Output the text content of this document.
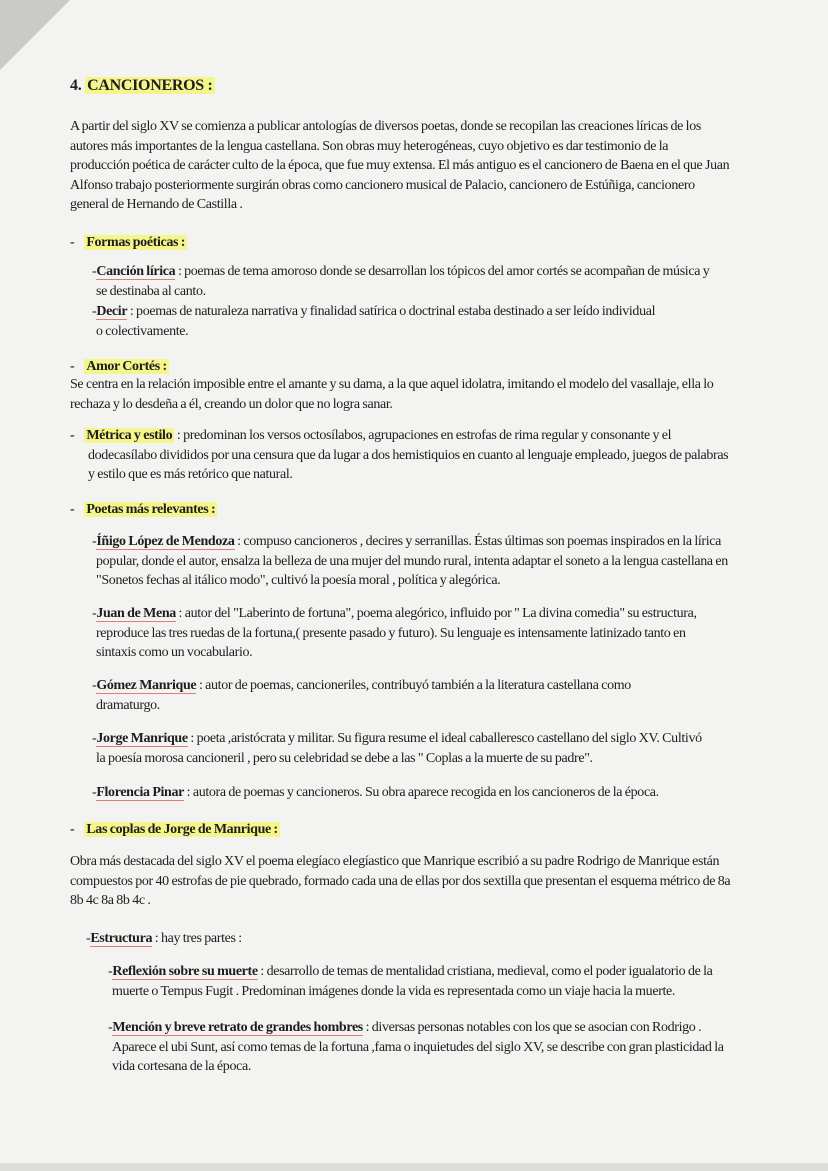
4. CANCIONEROS :
A partir del siglo XV se comienza a publicar antologías de diversos poetas, donde se recopilan las creaciones líricas de los autores más importantes de la lengua castellana. Son obras muy heterogéneas, cuyo objetivo es dar testimonio de la producción poética de carácter culto de la época, que fue muy extensa. El más antiguo es el cancionero de Baena en el que Juan Alfonso trabajo posteriormente surgirán obras como cancionero musical de Palacio, cancionero de Estúñiga, cancionero general de Hernando de Castilla .
- Formas poéticas :
-Canción lírica : poemas de tema amoroso donde se desarrollan los tópicos del amor cortés se acompañan de música y se destinaba al canto.
-Decir : poemas de naturaleza narrativa y finalidad satírica o doctrinal estaba destinado a ser leído individual o colectivamente.
- Amor Cortés :
Se centra en la relación imposible entre el amante y su dama, a la que aquel idolatra, imitando el modelo del vasallaje, ella lo rechaza y lo desdeña a él, creando un dolor que no logra sanar.
- Métrica y estilo : predominan los versos octosílabos, agrupaciones en estrofas de rima regular y consonante y el dodecasílabo divididos por una censura que da lugar a dos hemistiquios en cuanto al lenguaje empleado, juegos de palabras y estilo que es más retórico que natural.
- Poetas más relevantes :
-Íñigo López de Mendoza : compuso cancioneros , decires y serranillas. Éstas últimas son poemas inspirados en la lírica popular, donde el autor, ensalza la belleza de una mujer del mundo rural, intenta adaptar el soneto a la lengua castellana en "Sonetos fechas al itálico modo", cultivó la poesía moral , política y alegórica.
-Juan de Mena : autor del "Laberinto de fortuna", poema alegórico, influido por " La divina comedia" su estructura, reproduce las tres ruedas de la fortuna,( presente pasado y futuro). Su lenguaje es intensamente latinizado tanto en sintaxis como un vocabulario.
-Gómez Manrique : autor de poemas, cancioneriles, contribuyó también a la literatura castellana como dramaturgo.
-Jorge Manrique : poeta ,aristócrata y militar. Su figura resume el ideal caballeresco castellano del siglo XV. Cultivó la poesía morosa cancioneril , pero su celebridad se debe a las " Coplas a la muerte de su padre".
-Florencia Pinar : autora de poemas y cancioneros. Su obra aparece recogida en los cancioneros de la época.
- Las coplas de Jorge de Manrique :
Obra más destacada del siglo XV el poema elegíaco elegíastico que Manrique escribió a su padre Rodrigo de Manrique están compuestos por 40 estrofas de pie quebrado, formado cada una de ellas por dos sextilla que presentan el esquema métrico de 8a 8b 4c 8a 8b 4c .
-Estructura : hay tres partes :
-Reflexión sobre su muerte : desarrollo de temas de mentalidad cristiana, medieval, como el poder igualatorio de la muerte o Tempus Fugit . Predominan imágenes donde la vida es representada como un viaje hacia la muerte.
-Mención y breve retrato de grandes hombres : diversas personas notables con los que se asocian con Rodrigo . Aparece el ubi Sunt, así como temas de la fortuna ,fama o inquietudes del siglo XV, se describe con gran plasticidad la vida cortesana de la época.
